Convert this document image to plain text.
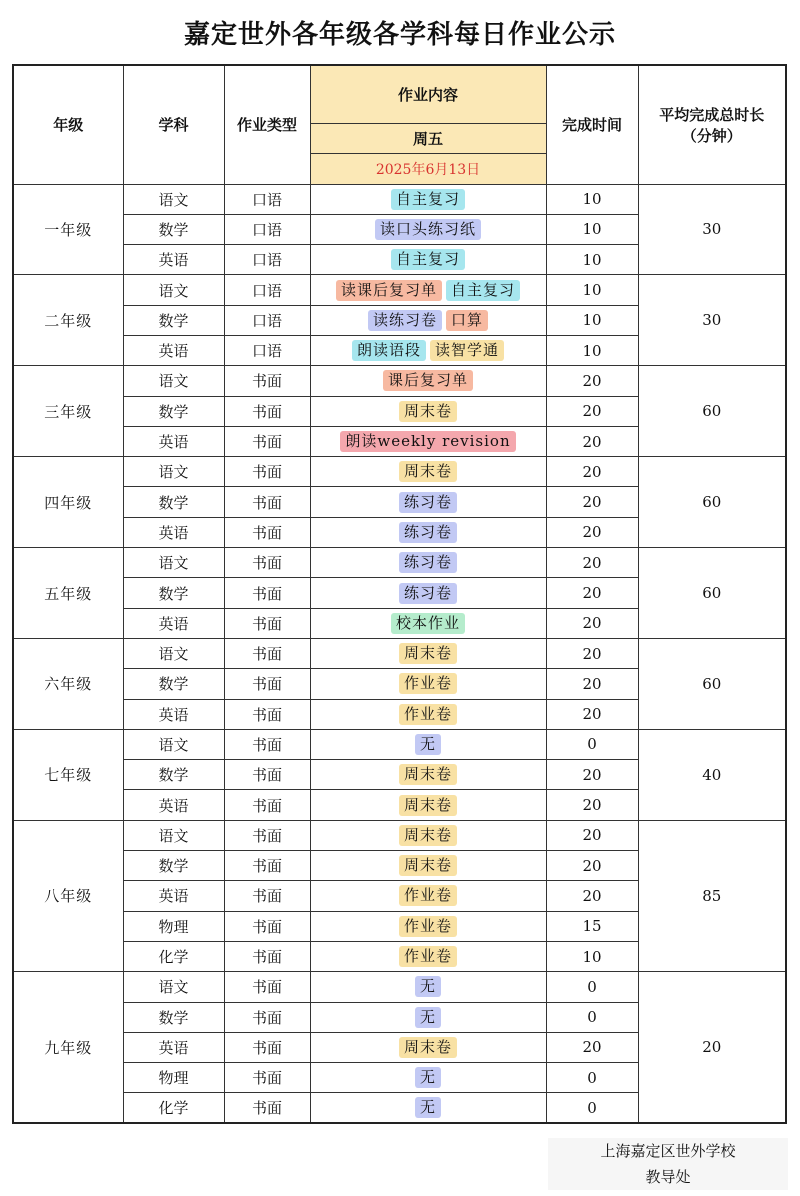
嘉定世外各年级各学科每日作业公示
年级	学科	作业类型	作业内容	完成时间	平均完成总时长（分钟）
			周五		
			2025年6月13日		
一年级	语文	口语	自主复习	10	30
	数学	口语	读口头练习纸	10	
	英语	口语	自主复习	10	
二年级	语文	口语	读课后复习单 自主复习	10	30
	数学	口语	读练习卷 口算	10	
	英语	口语	朗读语段 读智学通	10	
三年级	语文	书面	课后复习单	20	60
	数学	书面	周末卷	20	
	英语	书面	朗读weekly revision	20	
四年级	语文	书面	周末卷	20	60
	数学	书面	练习卷	20	
	英语	书面	练习卷	20	
五年级	语文	书面	练习卷	20	60
	数学	书面	练习卷	20	
	英语	书面	校本作业	20	
六年级	语文	书面	周末卷	20	60
	数学	书面	作业卷	20	
	英语	书面	作业卷	20	
七年级	语文	书面	无	0	40
	数学	书面	周末卷	20	
	英语	书面	周末卷	20	
八年级	语文	书面	周末卷	20	85
	数学	书面	周末卷	20	
	英语	书面	作业卷	20	
	物理	书面	作业卷	15	
	化学	书面	作业卷	10	
九年级	语文	书面	无	0	20
	数学	书面	无	0	
	英语	书面	周末卷	20	
	物理	书面	无	0	
	化学	书面	无	0	
上海嘉定区世外学校
教导处
